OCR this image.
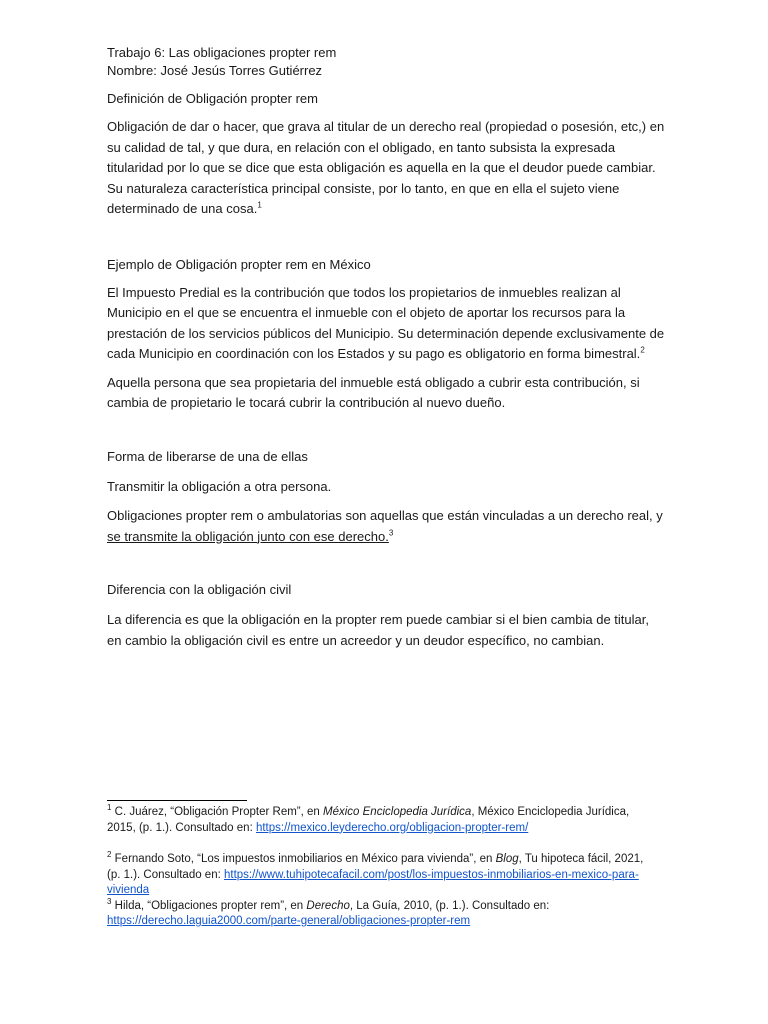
Trabajo 6: Las obligaciones propter rem

Nombre: José Jesús Torres Gutiérrez

Definición de Obligación propter rem

Obligación de dar o hacer, que grava al titular de un derecho real (propiedad o posesión, etc,) en su calidad de tal, y que dura, en relación con el obligado, en tanto subsista la expresada titularidad por lo que se dice que esta obligación es aquella en la que el deudor puede cambiar. Su naturaleza característica principal consiste, por lo tanto, en que en ella el sujeto viene determinado de una cosa.$^1$

Ejemplo de Obligación propter rem en México

El Impuesto Predial es la contribución que todos los propietarios de inmuebles realizan al Municipio en el que se encuentra el inmueble con el objeto de aportar los recursos para la prestación de los servicios públicos del Municipio. Su determinación depende exclusivamente de cada Municipio en coordinación con los Estados y su pago es obligatorio en forma bimestral.$^2$

Aquella persona que sea propietaria del inmueble está obligado a cubrir esta contribución, si cambia de propietario le tocará cubrir la contribución al nuevo dueño.

Forma de liberarse de una de ellas

Transmitir la obligación a otra persona.

Obligaciones propter rem o ambulatorias son aquellas que están vinculadas a un derecho real, y se transmite la obligación junto con ese derecho.$^3$

Diferencia con la obligación civil

La diferencia es que la obligación en la propter rem puede cambiar si el bien cambia de titular, en cambio la obligación civil es entre un acreedor y un deudor específico, no cambian.

$^1$ C. Juárez, “Obligación Propter Rem”, en México Enciclopedia Jurídica, México Enciclopedia Jurídica, 2015, (p. 1.). Consultado en: https://mexico.leyderecho.org/obligacion-propter-rem/

$^2$ Fernando Soto, “Los impuestos inmobiliarios en México para vivienda”, en Blog, Tu hipoteca fácil, 2021, (p. 1.). Consultado en: https://www.tuhipotecafacil.com/post/los-impuestos-inmobiliarios-en-mexico-para-vivienda

$^3$ Hilda, “Obligaciones propter rem”, en Derecho, La Guía, 2010, (p. 1.). Consultado en: https://derecho.laguia2000.com/parte-general/obligaciones-propter-rem
